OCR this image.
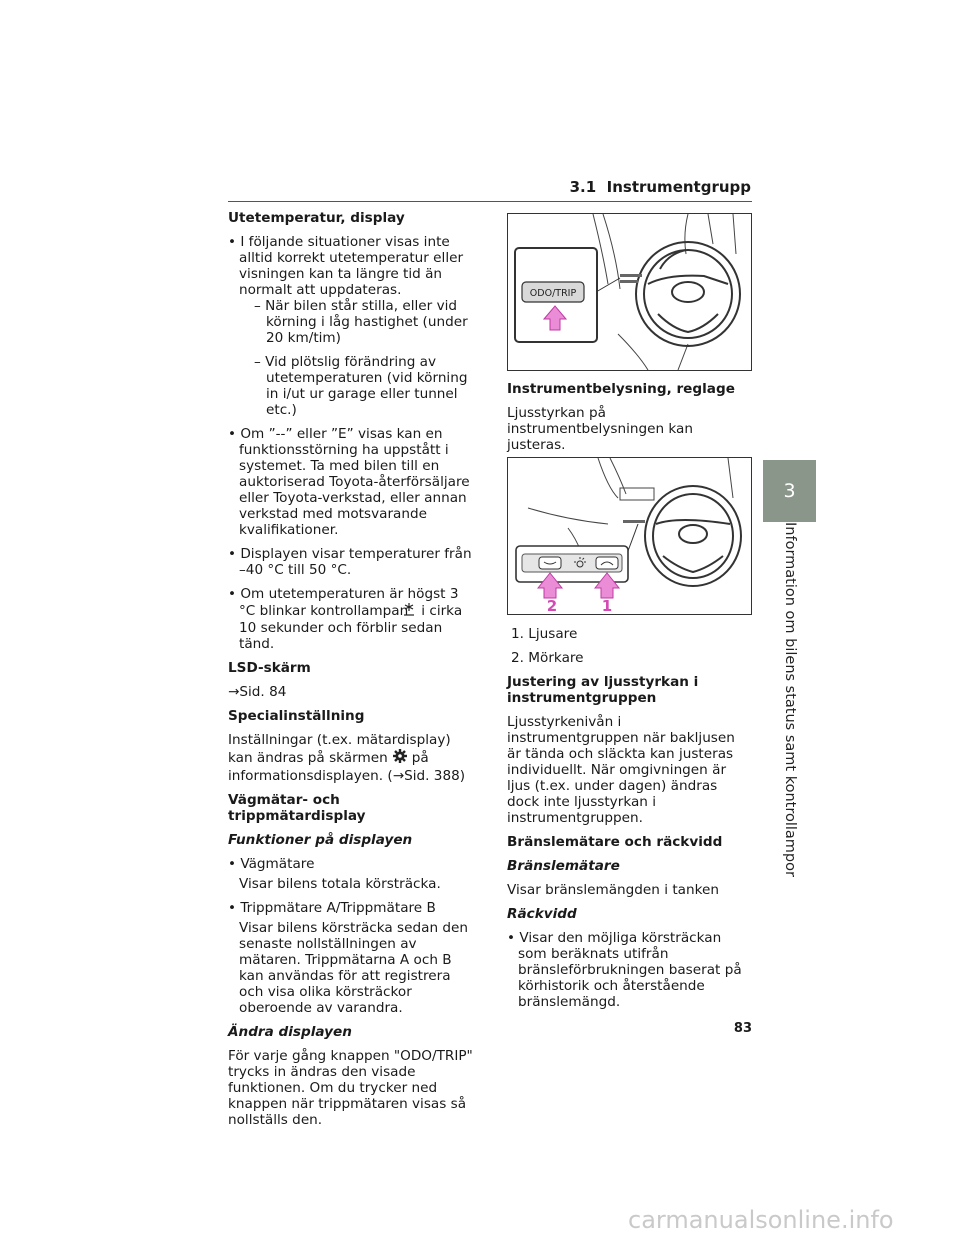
3.1 Instrumentgrupp
3
Information om bilens status samt kontrollampor

Utetemperatur, display

• I följande situationer visas inte alltid korrekt utetemperatur eller visningen kan ta längre tid än normalt att uppdateras.

– När bilen står stilla, eller vid körning i låg hastighet (under 20 km/tim)

– Vid plötslig förändring av utetemperaturen (vid körning in i/ut ur garage eller tunnel etc.)

• Om ”--” eller ”E” visas kan en funktionsstörning ha uppstått i systemet. Ta med bilen till en auktoriserad Toyota-återförsäljare eller Toyota-verkstad, eller annan verkstad med motsvarande kvalifikationer.

• Displayen visar temperaturer från –40 °C till 50 °C.

• Om utetemperaturen är högst 3 °C blinkar kontrollampan i cirka 10 sekunder och förblir sedan tänd.

LSD-skärm

→Sid. 84

Specialinställning

Inställningar (t.ex. mätardisplay) kan ändras på skärmen på informationsdisplayen. (→Sid. 388)

Vägmätar- och trippmätardisplay

Funktioner på displayen

• Vägmätare

Visar bilens totala körsträcka.

• Trippmätare A/Trippmätare B

Visar bilens körsträcka sedan den senaste nollställningen av mätaren. Trippmätarna A och B kan användas för att registrera och visa olika körsträckor oberoende av varandra.

Ändra displayen

För varje gång knappen "ODO/TRIP" trycks in ändras den visade funktionen. Om du trycker ned knappen när trippmätaren visas så nollställs den.

ODO/TRIP

Instrumentbelysning, reglage

Ljusstyrkan på instrumentbelysningen kan justeras.

2	1

1. Ljusare

2. Mörkare

Justering av ljusstyrkan i instrumentgruppen

Ljusstyrkenivån i instrumentgruppen när bakljusen är tända och släckta kan justeras individuellt. När omgivningen är ljus (t.ex. under dagen) ändras dock inte ljusstyrkan i instrumentgruppen.

Bränslemätare och räckvidd

Bränslemätare

Visar bränslemängden i tanken

Räckvidd

• Visar den möjliga körsträckan som beräknats utifrån bränsleförbrukningen baserat på körhistorik och återstående bränslemängd.

83
carmanualsonline.info
